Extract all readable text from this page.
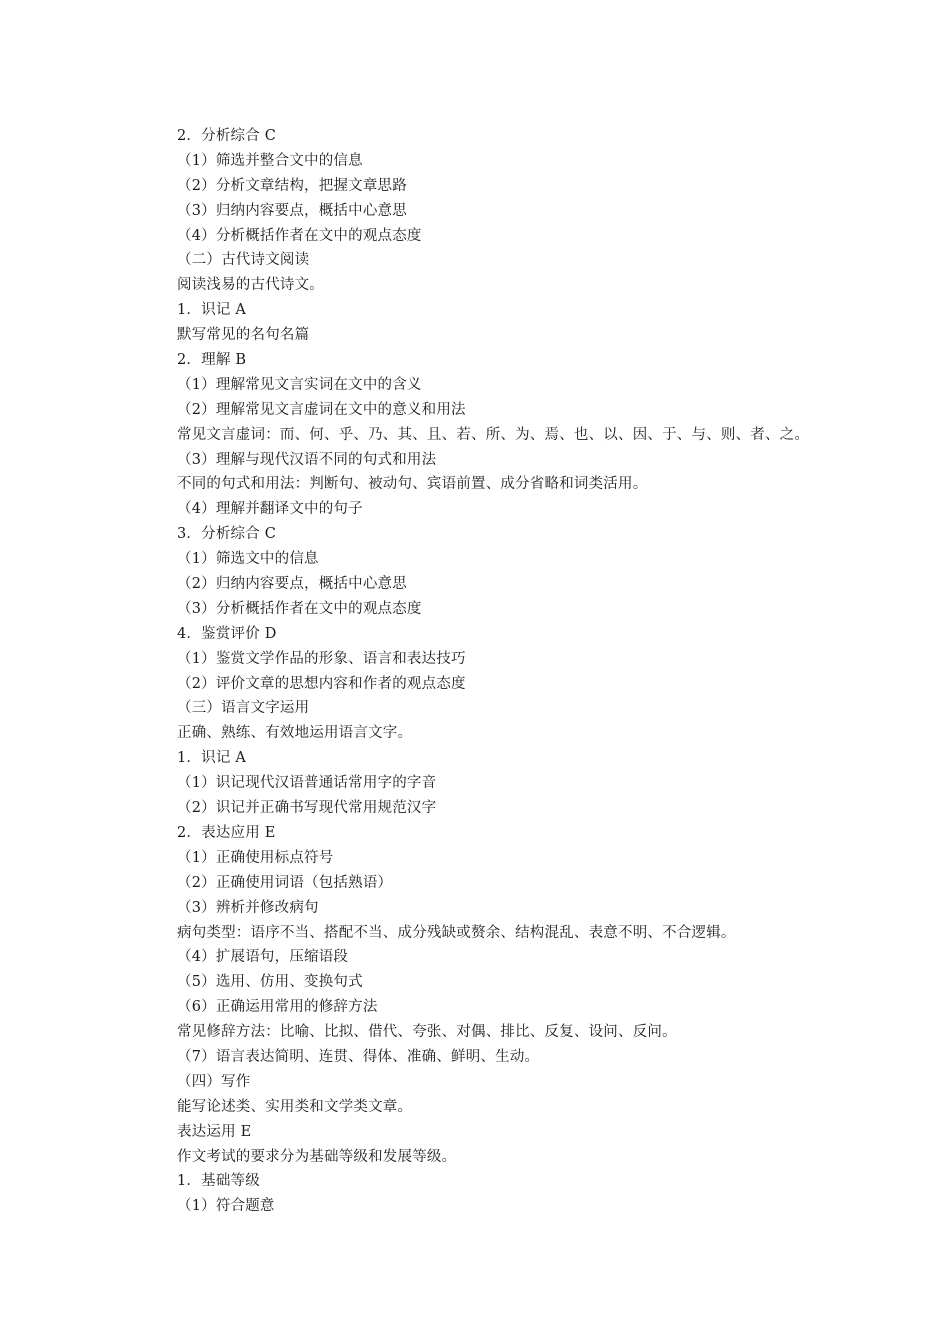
2．分析综合 C
（1）筛选并整合文中的信息
（2）分析文章结构，把握文章思路
（3）归纳内容要点，概括中心意思
（4）分析概括作者在文中的观点态度
（二）古代诗文阅读
阅读浅易的古代诗文。
1．识记 A
默写常见的名句名篇
2．理解 B
（1）理解常见文言实词在文中的含义
（2）理解常见文言虚词在文中的意义和用法
常见文言虚词：而、何、乎、乃、其、且、若、所、为、焉、也、以、因、于、与、则、者、之。
（3）理解与现代汉语不同的句式和用法
不同的句式和用法：判断句、被动句、宾语前置、成分省略和词类活用。
（4）理解并翻译文中的句子
3．分析综合 C
（1）筛选文中的信息
（2）归纳内容要点，概括中心意思
（3）分析概括作者在文中的观点态度
4．鉴赏评价 D
（1）鉴赏文学作品的形象、语言和表达技巧
（2）评价文章的思想内容和作者的观点态度
（三）语言文字运用
正确、熟练、有效地运用语言文字。
1．识记 A
（1）识记现代汉语普通话常用字的字音
（2）识记并正确书写现代常用规范汉字
2．表达应用 E
（1）正确使用标点符号
（2）正确使用词语（包括熟语）
（3）辨析并修改病句
病句类型：语序不当、搭配不当、成分残缺或赘余、结构混乱、表意不明、不合逻辑。
（4）扩展语句，压缩语段
（5）选用、仿用、变换句式
（6）正确运用常用的修辞方法
常见修辞方法：比喻、比拟、借代、夸张、对偶、排比、反复、设问、反问。
（7）语言表达简明、连贯、得体、准确、鲜明、生动。
（四）写作
能写论述类、实用类和文学类文章。
表达运用 E
作文考试的要求分为基础等级和发展等级。
1．基础等级
（1）符合题意
